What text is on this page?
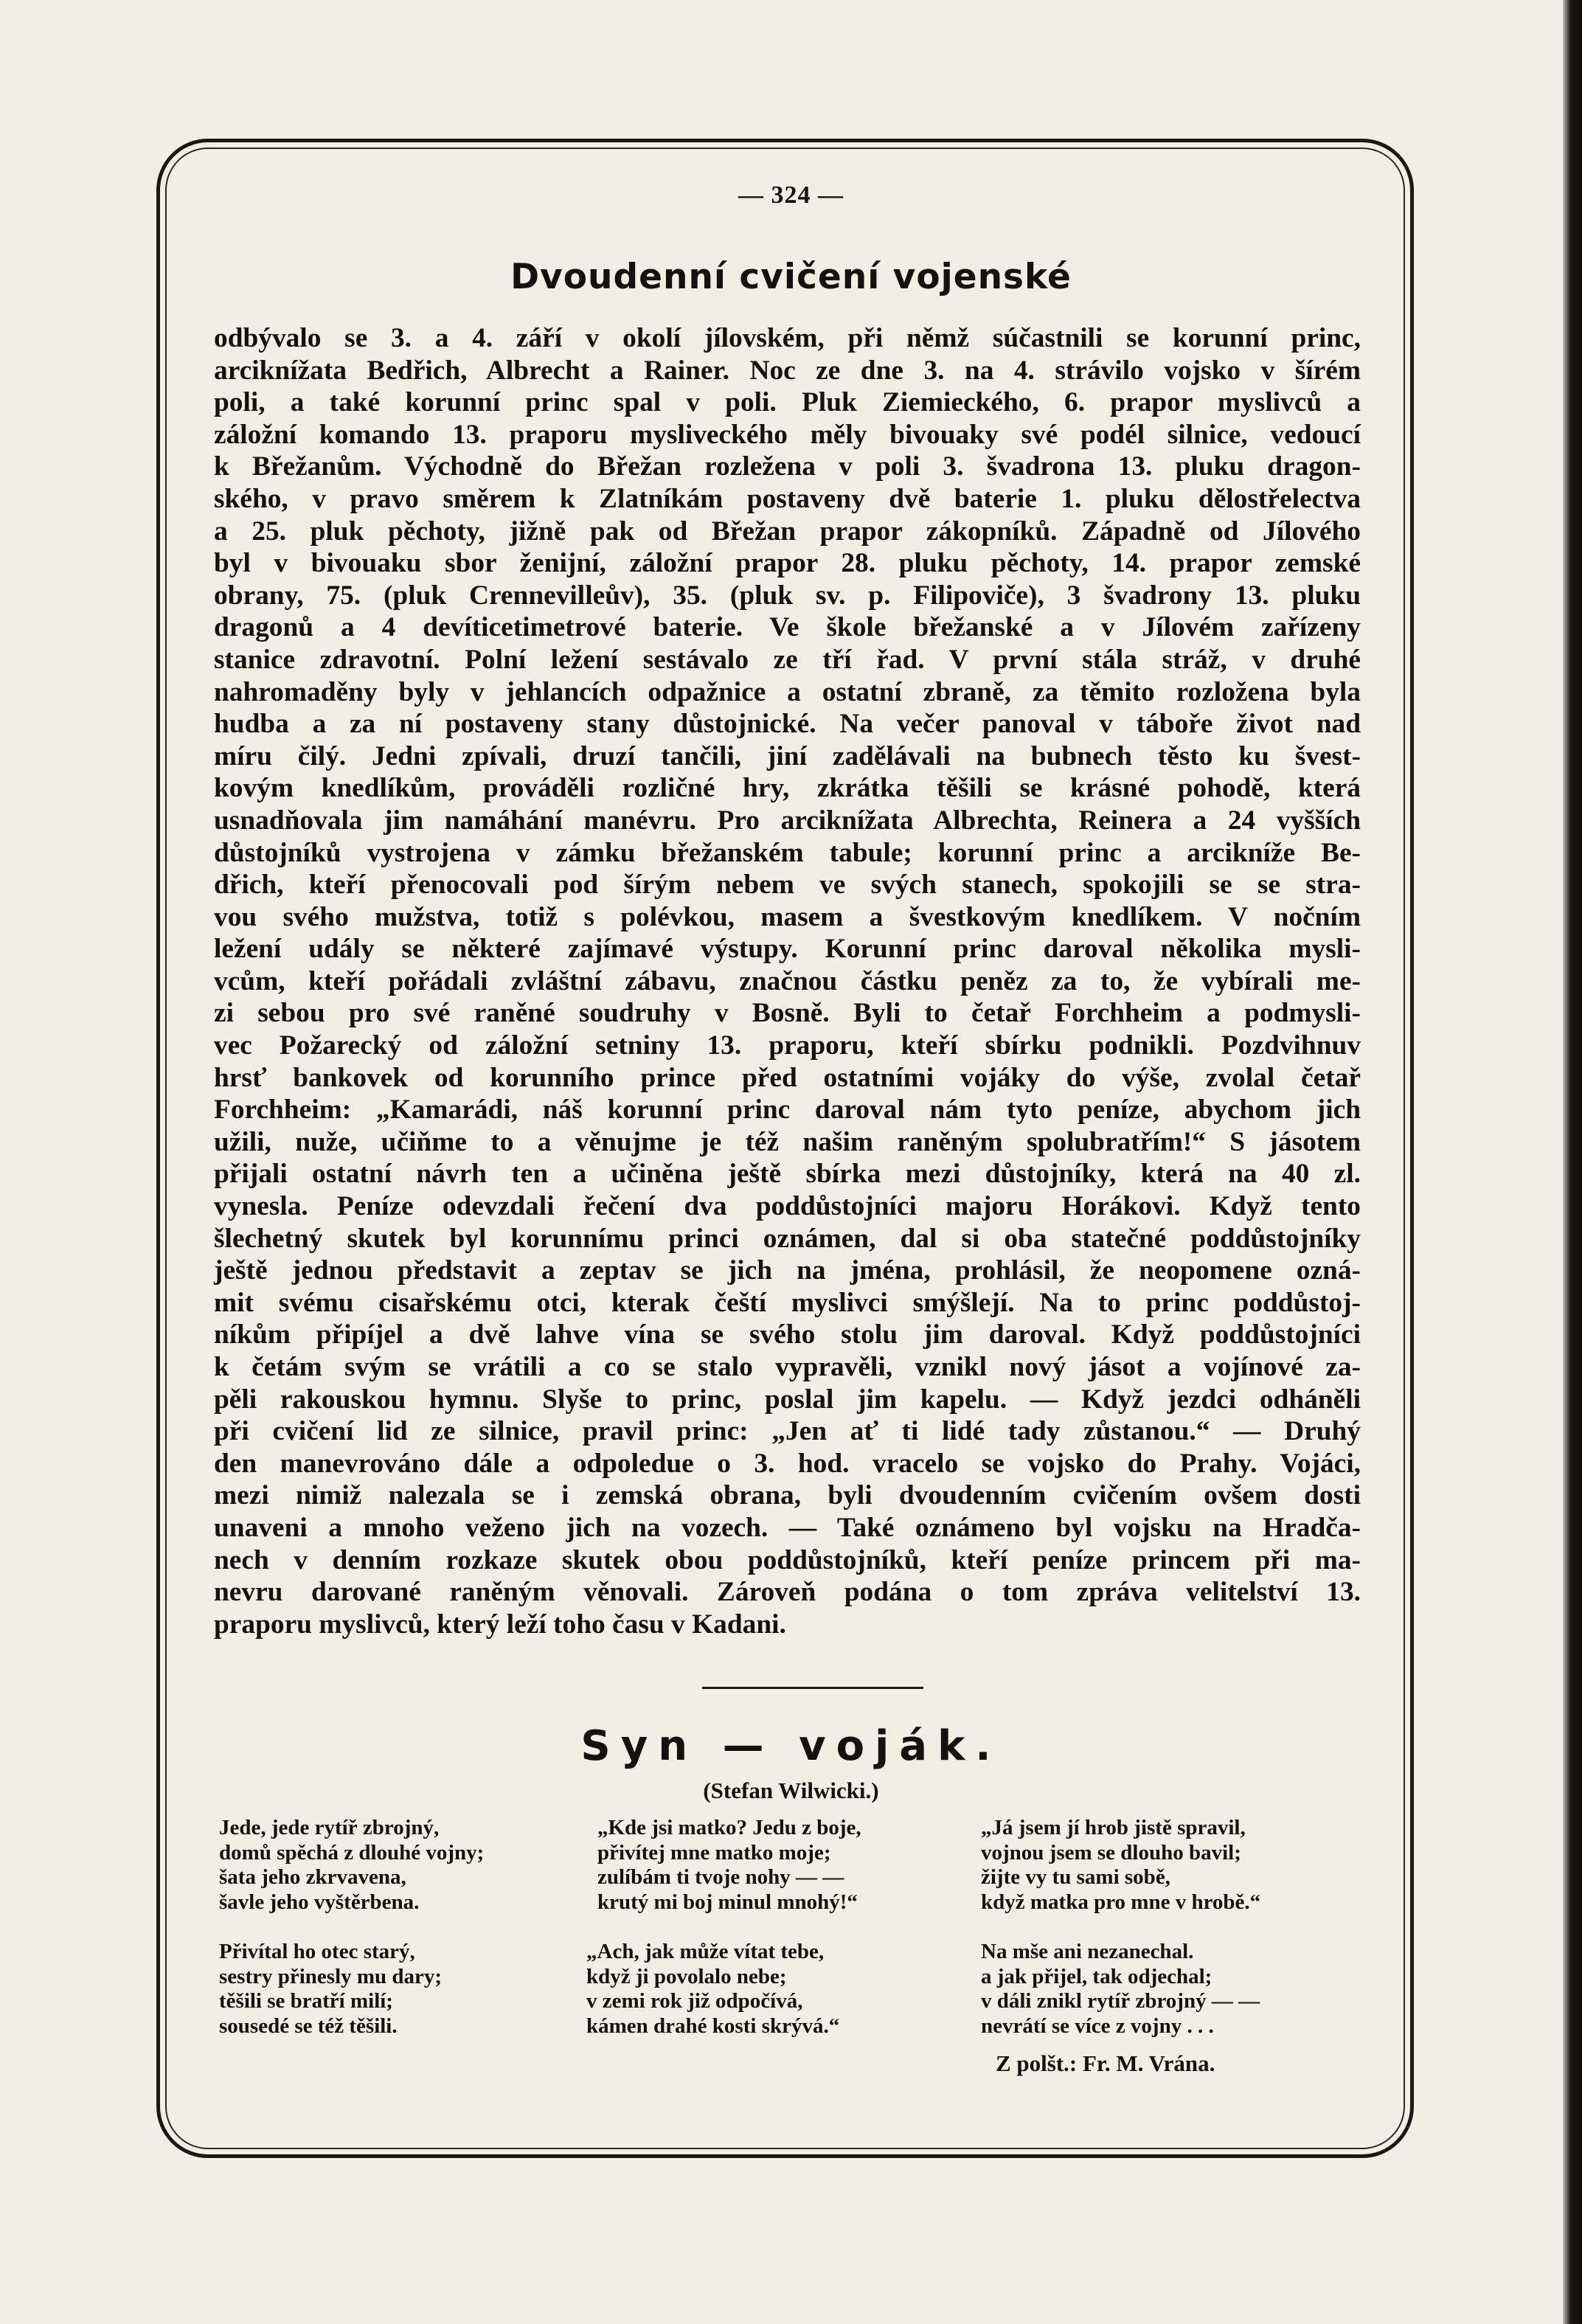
— 324 —
Dvoudenní cvičení vojenské
odbývalo se 3. a 4. září v okolí jílovském, při němž súčastnili se korunní princ,
arciknížata Bedřich, Albrecht a Rainer. Noc ze dne 3. na 4. strávilo vojsko v šírém
poli, a také korunní princ spal v poli. Pluk Ziemieckého, 6. prapor myslivců a
záložní komando 13. praporu mysliveckého měly bivouaky své podél silnice, vedoucí
k Břežanům. Východně do Břežan rozležena v poli 3. švadrona 13. pluku dragon-
ského, v pravo směrem k Zlatníkám postaveny dvě baterie 1. pluku dělostřelectva
a 25. pluk pěchoty, jižně pak od Břežan prapor zákopníků. Západně od Jílového
byl v bivouaku sbor ženijní, záložní prapor 28. pluku pěchoty, 14. prapor zemské
obrany, 75. (pluk Crennevilleův), 35. (pluk sv. p. Filipoviče), 3 švadrony 13. pluku
dragonů a 4 devíticetimetrové baterie. Ve škole břežanské a v Jílovém zařízeny
stanice zdravotní. Polní ležení sestávalo ze tří řad. V první stála stráž, v druhé
nahromaděny byly v jehlancích odpažnice a ostatní zbraně, za těmito rozložena byla
hudba a za ní postaveny stany důstojnické. Na večer panoval v táboře život nad
míru čilý. Jedni zpívali, druzí tančili, jiní zadělávali na bubnech těsto ku švest-
kovým knedlíkům, prováděli rozličné hry, zkrátka těšili se krásné pohodě, která
usnadňovala jim namáhání manévru. Pro arciknížata Albrechta, Reinera a 24 vyšších
důstojníků vystrojena v zámku břežanském tabule; korunní princ a arciknížе Be-
dřich, kteří přenocovali pod šírým nebem ve svých stanech, spokojili se se stra-
vou svého mužstva, totiž s polévkou, masem a švestkovým knedlíkem. V nočním
ležení udály se některé zajímavé výstupy. Korunní princ daroval několika mysli-
vcům, kteří pořádali zvláštní zábavu, značnou částku peněz za to, že vybírali me-
zi sebou pro své raněné soudruhy v Bosně. Byli to četař Forchheim a podmysli-
vec Požarecký od záložní setniny 13. praporu, kteří sbírku podnikli. Pozdvihnuv
hrsť bankovek od korunního prince před ostatními vojáky do výše, zvolal četař
Forchheim: „Kamarádi, náš korunní princ daroval nám tyto peníze, abychom jich
užili, nuže, učiňme to a věnujme je též našim raněným spolubratřím!“ S jásotem
přijali ostatní návrh ten a učiněna ještě sbírka mezi důstojníky, která na 40 zl.
vynesla. Peníze odevzdali řečení dva poddůstojníci majoru Horákovi. Když tento
šlechetný skutek byl korunnímu princi oznámen, dal si oba statečné poddůstojníky
ještě jednou představit a zeptav se jich na jména, prohlásil, že neopomene ozná-
mit svému cisařskému otci, kterak čeští myslivci smýšlejí. Na to princ poddůstoj-
níkům připíjel a dvě lahve vína se svého stolu jim daroval. Když poddůstojníci
k četám svým se vrátili a co se stalo vypravěli, vznikl nový jásot a vojínové za-
pěli rakouskou hymnu. Slyše to princ, poslal jim kapelu. — Když jezdci odháněli
při cvičení lid ze silnice, pravil princ: „Jen ať ti lidé tady zůstanou.“ — Druhý
den manevrováno dále a odpoledue o 3. hod. vracelo se vojsko do Prahy. Vojáci,
mezi nimiž nalezala se i zemská obrana, byli dvoudenním cvičením ovšem dosti
unaveni a mnoho veženo jich na vozech. — Také oznámeno byl vojsku na Hradča-
nech v denním rozkaze skutek obou poddůstojníků, kteří peníze princem při ma-
nevru darované raněným věnovali. Zároveň podána o tom zpráva velitelství 13.
praporu myslivců, který leží toho času v Kadani.
Syn — voják.
(Stefan Wilwicki.)
Jede, jede rytíř zbrojný,
domů spěchá z dlouhé vojny;
šata jeho zkrvavena,
šavle jeho vyštěrbena.
Přivítal ho otec starý,
sestry přinesly mu dary;
těšili se bratří milí;
sousedé se též těšili.
„Kde jsi matko? Jedu z boje,
přivítej mne matko moje;
zulíbám ti tvoje nohy — —
krutý mi boj minul mnohý!“
„Ach, jak může vítat tebe,
když ji povolalo nebe;
v zemi rok již odpočívá,
kámen drahé kosti skrývá.“
„Já jsem jí hrob jistě spravil,
vojnou jsem se dlouho bavil;
žijte vy tu sami sobě,
když matka pro mne v hrobě.“
Na mše ani nezanechal.
a jak přijel, tak odjechal;
v dáli znikl rytíř zbrojný — —
nevrátí se více z vojny . . .
Z polšt.: Fr. M. Vrána.
